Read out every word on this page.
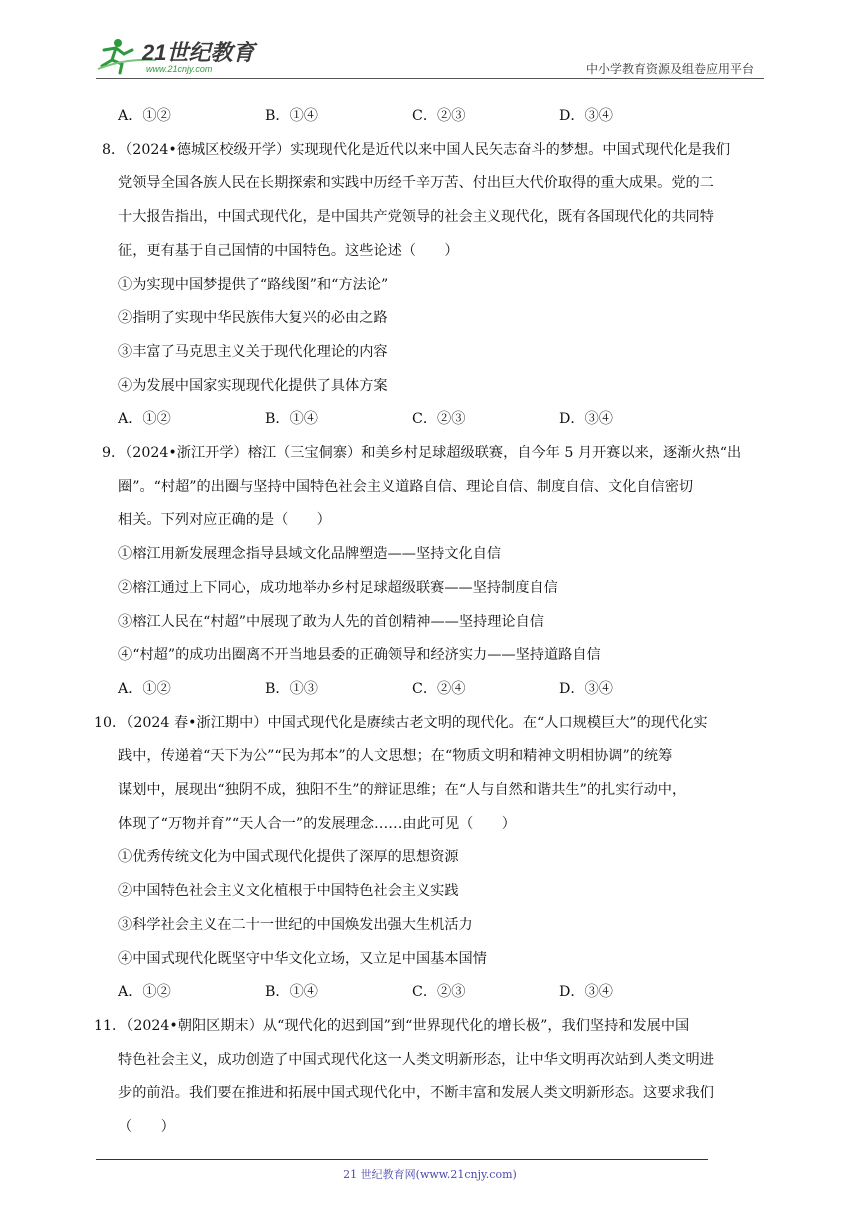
21世纪教育
www.21cnjy.com	中小学教育资源及组卷应用平台
A．①②	B．①④	C．②③	D．③④
8．（2024•德城区校级开学）实现现代化是近代以来中国人民矢志奋斗的梦想。中国式现代化是我们
党领导全国各族人民在长期探索和实践中历经千辛万苦、付出巨大代价取得的重大成果。党的二
十大报告指出，中国式现代化，是中国共产党领导的社会主义现代化，既有各国现代化的共同特
征，更有基于自己国情的中国特色。这些论述（　　）
①为实现中国梦提供了“路线图”和“方法论”
②指明了实现中华民族伟大复兴的必由之路
③丰富了马克思主义关于现代化理论的内容
④为发展中国家实现现代化提供了具体方案
A．①②	B．①④	C．②③	D．③④
9．（2024•浙江开学）榕江（三宝侗寨）和美乡村足球超级联赛，自今年 5 月开赛以来，逐渐火热“出
圈”。“村超”的出圈与坚持中国特色社会主义道路自信、理论自信、制度自信、文化自信密切
相关。下列对应正确的是（　　）
①榕江用新发展理念指导县域文化品牌塑造——坚持文化自信
②榕江通过上下同心，成功地举办乡村足球超级联赛——坚持制度自信
③榕江人民在“村超”中展现了敢为人先的首创精神——坚持理论自信
④“村超”的成功出圈离不开当地县委的正确领导和经济实力——坚持道路自信
A．①②	B．①③	C．②④	D．③④
10．（2024 春•浙江期中）中国式现代化是赓续古老文明的现代化。在“人口规模巨大”的现代化实
践中，传递着“天下为公”“民为邦本”的人文思想；在“物质文明和精神文明相协调”的统筹
谋划中，展现出“独阴不成，独阳不生”的辩证思维；在“人与自然和谐共生”的扎实行动中，
体现了“万物并育”“天人合一”的发展理念……由此可见（　　）
①优秀传统文化为中国式现代化提供了深厚的思想资源
②中国特色社会主义文化植根于中国特色社会主义实践
③科学社会主义在二十一世纪的中国焕发出强大生机活力
④中国式现代化既坚守中华文化立场，又立足中国基本国情
A．①②	B．①④	C．②③	D．③④
11．（2024•朝阳区期末）从“现代化的迟到国”到“世界现代化的增长极”，我们坚持和发展中国
特色社会主义，成功创造了中国式现代化这一人类文明新形态，让中华文明再次站到人类文明进
步的前沿。我们要在推进和拓展中国式现代化中，不断丰富和发展人类文明新形态。这要求我们
（　　）
21 世纪教育网(www.21cnjy.com)
